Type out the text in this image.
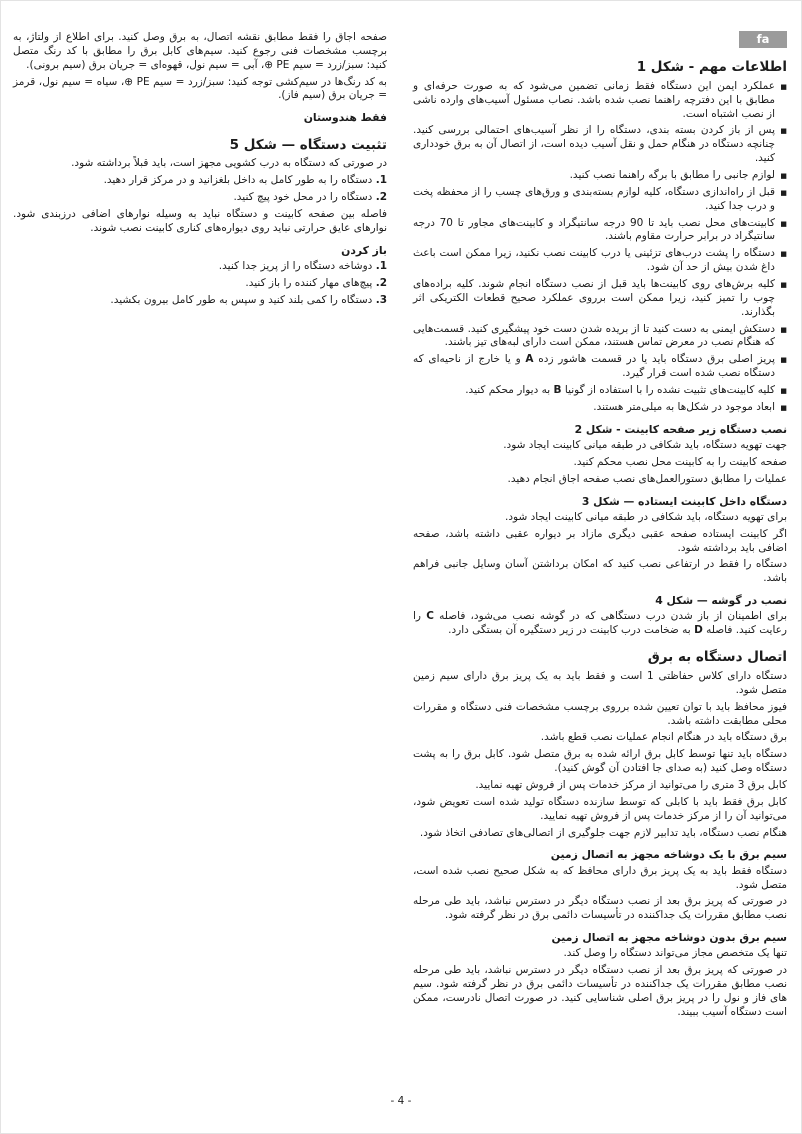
fa
اطلاعات مهم - شکل 1
■
عملکرد ایمن این دستگاه فقط زمانی تضمین می‌شود که به صورت حرفه‌ای و مطابق با این دفترچه راهنما نصب شده باشد. نصاب مسئول آسیب‌های وارده ناشی از نصب اشتباه است.
■
پس از باز کردن بسته بندی، دستگاه را از نظر آسیب‌های احتمالی بررسی کنید. چنانچه دستگاه در هنگام حمل و نقل آسیب دیده است، از اتصال آن به برق خودداری کنید.
■
لوازم جانبی را مطابق با برگه راهنما نصب کنید.
■
قبل از راه‌اندازی دستگاه، کلیه لوازم بسته‌بندی و ورق‌های چسب را از محفظه پخت و درب جدا کنید.
■
کابینت‌های محل نصب باید تا 90 درجه سانتیگراد و کابینت‌های مجاور تا 70 درجه سانتیگراد در برابر حرارت مقاوم باشند.
■
دستگاه را پشت درب‌های تزئینی یا درب کابینت نصب نکنید، زیرا ممکن است باعث داغ شدن بیش از حد آن شود.
■
کلیه برش‌های روی کابینت‌ها باید قبل از نصب دستگاه انجام شوند. کلیه براده‌های چوب را تمیز کنید، زیرا ممکن است برروی عملکرد صحیح قطعات الکتریکی اثر بگذارند.
■
دستکش ایمنی به دست کنید تا از بریده شدن دست خود پیشگیری کنید. قسمت‌هایی که هنگام نصب در معرض تماس هستند، ممکن است دارای لبه‌های تیز باشند.
■
پریز اصلی برق دستگاه باید یا در قسمت هاشور زده A و یا خارج از ناحیه‌ای که دستگاه نصب شده است قرار گیرد.
■
کلیه کابینت‌های تثبیت نشده را با استفاده از گونیا B به دیوار محکم کنید.
■
ابعاد موجود در شکل‌ها به میلی‌متر هستند.
نصب دستگاه زیر صفحه کابینت - شکل 2
جهت تهویه دستگاه، باید شکافی در طبقه میانی کابینت ایجاد شود.
صفحه کابینت را به کابینت محل نصب محکم کنید.
عملیات را مطابق دستورالعمل‌های نصب صفحه اجاق انجام دهید.
دستگاه داخل کابینت ایستاده — شکل 3
برای تهویه دستگاه، باید شکافی در طبقه میانی کابینت ایجاد شود.
اگر کابینت ایستاده صفحه عقبی دیگری مازاد بر دیواره عقبی داشته باشد، صفحه اضافی باید برداشته شود.
دستگاه را فقط در ارتفاعی نصب کنید که امکان برداشتن آسان وسایل جانبی فراهم باشد.
نصب در گوشه — شکل 4
برای اطمینان از باز شدن درب دستگاهی که در گوشه نصب می‌شود، فاصله C را رعایت کنید. فاصله D به ضخامت درب کابینت در زیر دستگیره آن بستگی دارد.
اتصال دستگاه به برق
دستگاه دارای کلاس حفاظتی 1 است و فقط باید به یک پریز برق دارای سیم زمین متصل شود.
فیوز محافظ باید با توان تعیین شده برروی برچسب مشخصات فنی دستگاه و مقررات محلی مطابقت داشته باشد.
برق دستگاه باید در هنگام انجام عملیات نصب قطع باشد.
دستگاه باید تنها توسط کابل برق ارائه شده به برق متصل شود. کابل برق را به پشت دستگاه وصل کنید (به صدای جا افتادن آن گوش کنید).
کابل برق 3 متری را می‌توانید از مرکز خدمات پس از فروش تهیه نمایید.
کابل برق فقط باید با کابلی که توسط سازنده دستگاه تولید شده است تعویض شود، می‌توانید آن را از مرکز خدمات پس از فروش تهیه نمایید.
هنگام نصب دستگاه، باید تدابیر لازم جهت جلوگیری از اتصالی‌های تصادفی اتخاذ شود.
سیم برق با یک دوشاخه مجهز به اتصال زمین
دستگاه فقط باید به یک پریز برق دارای محافظ که به شکل صحیح نصب شده است، متصل شود.
در صورتی که پریز برق بعد از نصب دستگاه دیگر در دسترس نباشد، باید طی مرحله نصب مطابق مقررات یک جداکننده در تأسیسات دائمی برق در نظر گرفته شود.
سیم برق بدون دوشاخه مجهز به اتصال زمین
تنها یک متخصص مجاز می‌تواند دستگاه را وصل کند.
در صورتی که پریز برق بعد از نصب دستگاه دیگر در دسترس نباشد، باید طی مرحله نصب مطابق مقررات یک جداکننده در تأسیسات دائمی برق در نظر گرفته شود. سیم های فاز و نول را در پریز برق اصلی شناسایی کنید. در صورت اتصال نادرست، ممکن است دستگاه آسیب ببیند.
صفحه اجاق را فقط مطابق نقشه اتصال، به برق وصل کنید. برای اطلاع از ولتاژ، به برچسب مشخصات فنی رجوع کنید. سیم‌های کابل برق را مطابق با کد رنگ متصل کنید: سبز/زرد = سیم PE ⊕، آبی = سیم نول، قهوه‌ای = جریان برق (سیم برونی).
به کد رنگ‌ها در سیم‌کشی توجه کنید: سبز/زرد = سیم PE ⊕، سیاه = سیم نول، قرمز = جریان برق (سیم فاز).
فقط هندوستان
تثبیت دستگاه — شکل 5
در صورتی که دستگاه به درب کشویی مجهز است، باید قبلاً برداشته شود.
1. دستگاه را به طور کامل به داخل بلغزانید و در مرکز قرار دهید.
2. دستگاه را در محل خود پیچ کنید.
فاصله بین صفحه کابینت و دستگاه نباید به وسیله نوارهای اضافی درزبندی شود. نوارهای عایق حرارتی نباید روی دیواره‌های کناری کابینت نصب شوند.
باز کردن
1. دوشاخه دستگاه را از پریز جدا کنید.
2. پیچ‌های مهار کننده را باز کنید.
3. دستگاه را کمی بلند کنید و سپس به طور کامل بیرون بکشید.
- 4 -
